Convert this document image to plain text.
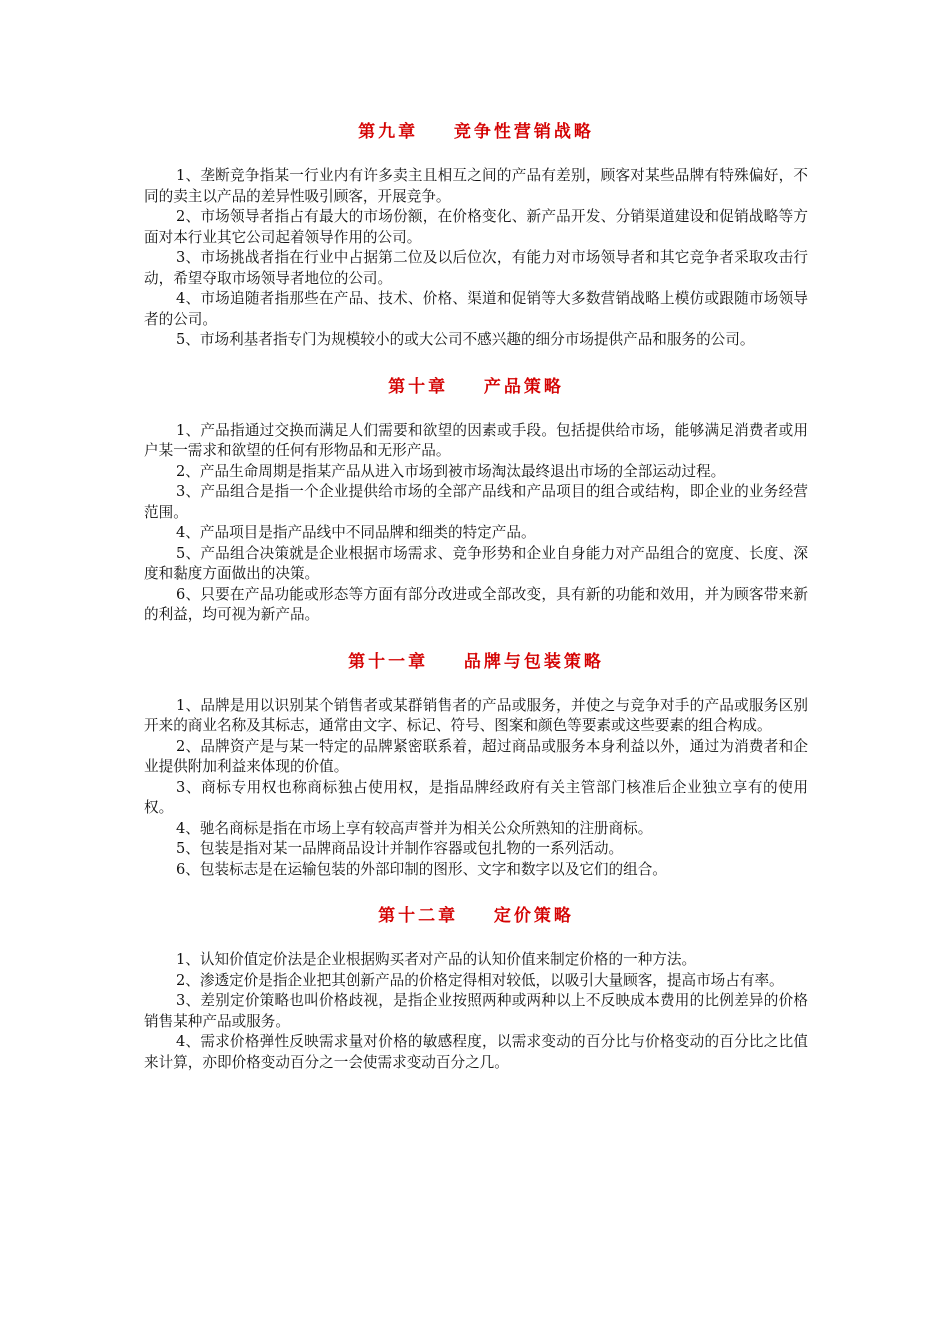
第九章    竞争性营销战略

1、垄断竞争指某一行业内有许多卖主且相互之间的产品有差别，顾客对某些品牌有特殊偏好，不同的卖主以产品的差异性吸引顾客，开展竞争。

2、市场领导者指占有最大的市场份额，在价格变化、新产品开发、分销渠道建设和促销战略等方面对本行业其它公司起着领导作用的公司。

3、市场挑战者指在行业中占据第二位及以后位次，有能力对市场领导者和其它竞争者采取攻击行动，希望夺取市场领导者地位的公司。

4、市场追随者指那些在产品、技术、价格、渠道和促销等大多数营销战略上模仿或跟随市场领导者的公司。

5、市场利基者指专门为规模较小的或大公司不感兴趣的细分市场提供产品和服务的公司。

第十章    产品策略

1、产品指通过交换而满足人们需要和欲望的因素或手段。包括提供给市场，能够满足消费者或用户某一需求和欲望的任何有形物品和无形产品。

2、产品生命周期是指某产品从进入市场到被市场淘汰最终退出市场的全部运动过程。

3、产品组合是指一个企业提供给市场的全部产品线和产品项目的组合或结构，即企业的业务经营范围。

4、产品项目是指产品线中不同品牌和细类的特定产品。

5、产品组合决策就是企业根据市场需求、竞争形势和企业自身能力对产品组合的宽度、长度、深度和黏度方面做出的决策。

6、只要在产品功能或形态等方面有部分改进或全部改变，具有新的功能和效用，并为顾客带来新的利益，均可视为新产品。

第十一章    品牌与包装策略

1、品牌是用以识别某个销售者或某群销售者的产品或服务，并使之与竞争对手的产品或服务区别开来的商业名称及其标志，通常由文字、标记、符号、图案和颜色等要素或这些要素的组合构成。

2、品牌资产是与某一特定的品牌紧密联系着，超过商品或服务本身利益以外，通过为消费者和企业提供附加利益来体现的价值。

3、商标专用权也称商标独占使用权，是指品牌经政府有关主管部门核准后企业独立享有的使用权。

4、驰名商标是指在市场上享有较高声誉并为相关公众所熟知的注册商标。

5、包装是指对某一品牌商品设计并制作容器或包扎物的一系列活动。

6、包装标志是在运输包装的外部印制的图形、文字和数字以及它们的组合。

第十二章    定价策略

1、认知价值定价法是企业根据购买者对产品的认知价值来制定价格的一种方法。

2、渗透定价是指企业把其创新产品的价格定得相对较低，以吸引大量顾客，提高市场占有率。

3、差别定价策略也叫价格歧视，是指企业按照两种或两种以上不反映成本费用的比例差异的价格销售某种产品或服务。

4、需求价格弹性反映需求量对价格的敏感程度，以需求变动的百分比与价格变动的百分比之比值来计算，亦即价格变动百分之一会使需求变动百分之几。
